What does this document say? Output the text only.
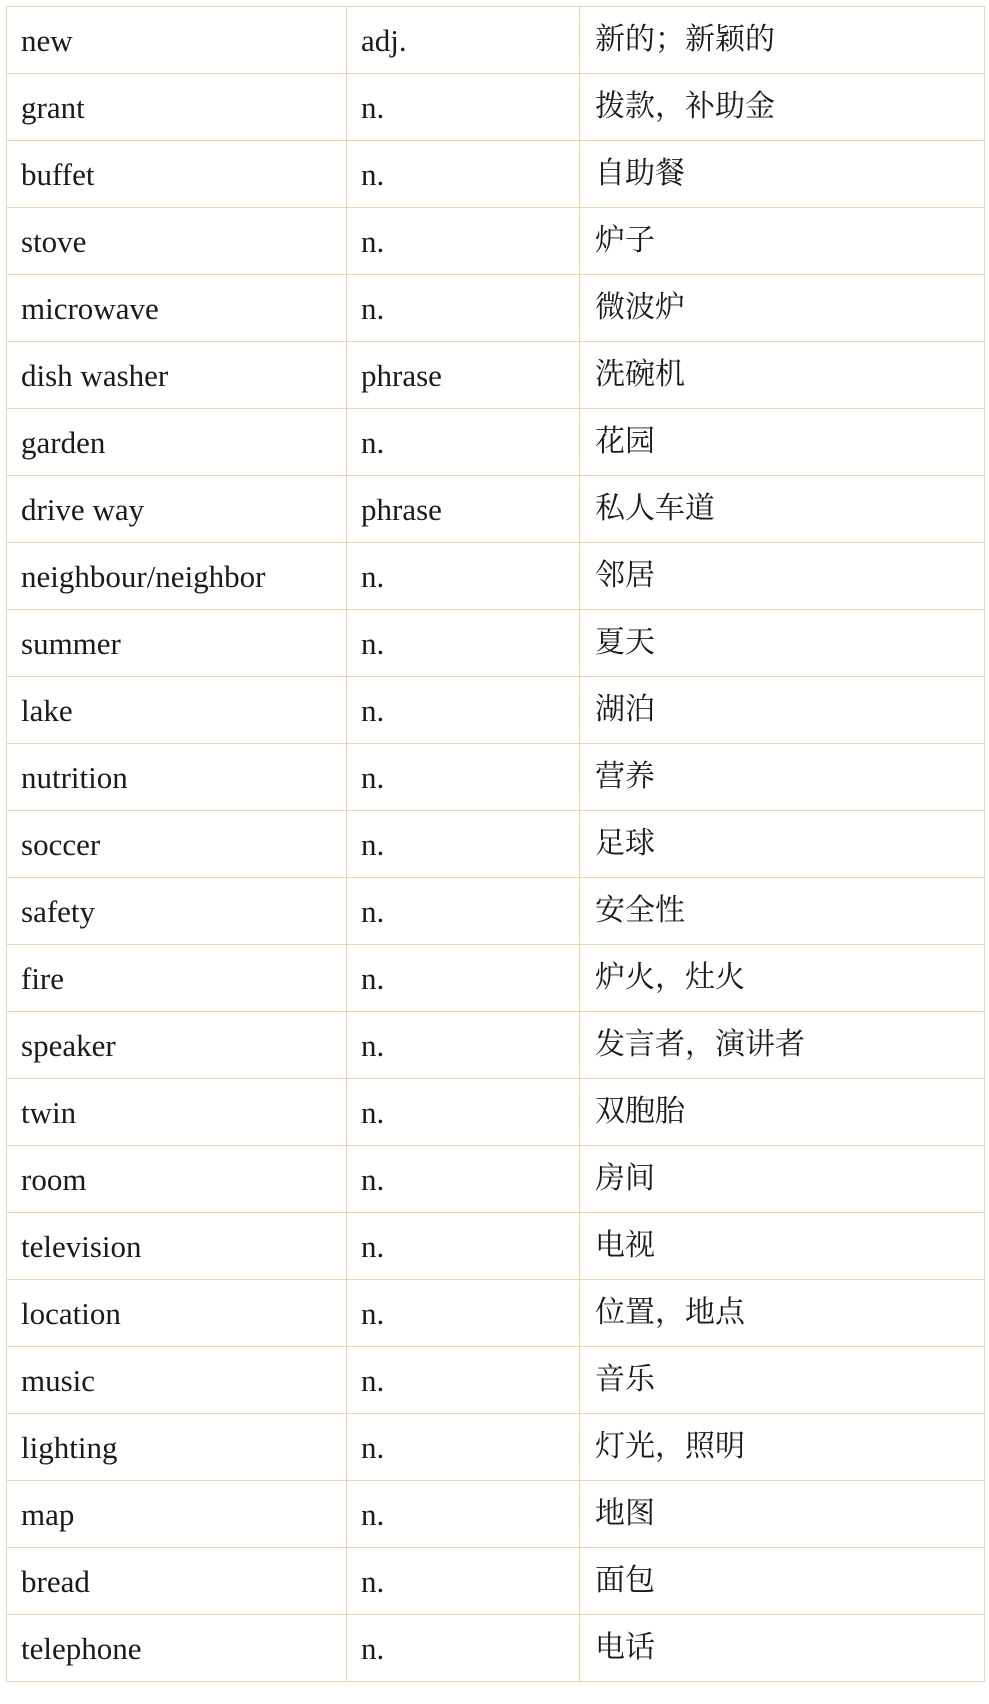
new	adj.	新的；新颖的
grant	n.	拨款，补助金
buffet	n.	自助餐
stove	n.	炉子
microwave	n.	微波炉
dish washer	phrase	洗碗机
garden	n.	花园
drive way	phrase	私人车道
neighbour/neighbor	n.	邻居
summer	n.	夏天
lake	n.	湖泊
nutrition	n.	营养
soccer	n.	足球
safety	n.	安全性
fire	n.	炉火，灶火
speaker	n.	发言者，演讲者
twin	n.	双胞胎
room	n.	房间
television	n.	电视
location	n.	位置，地点
music	n.	音乐
lighting	n.	灯光，照明
map	n.	地图
bread	n.	面包
telephone	n.	电话
